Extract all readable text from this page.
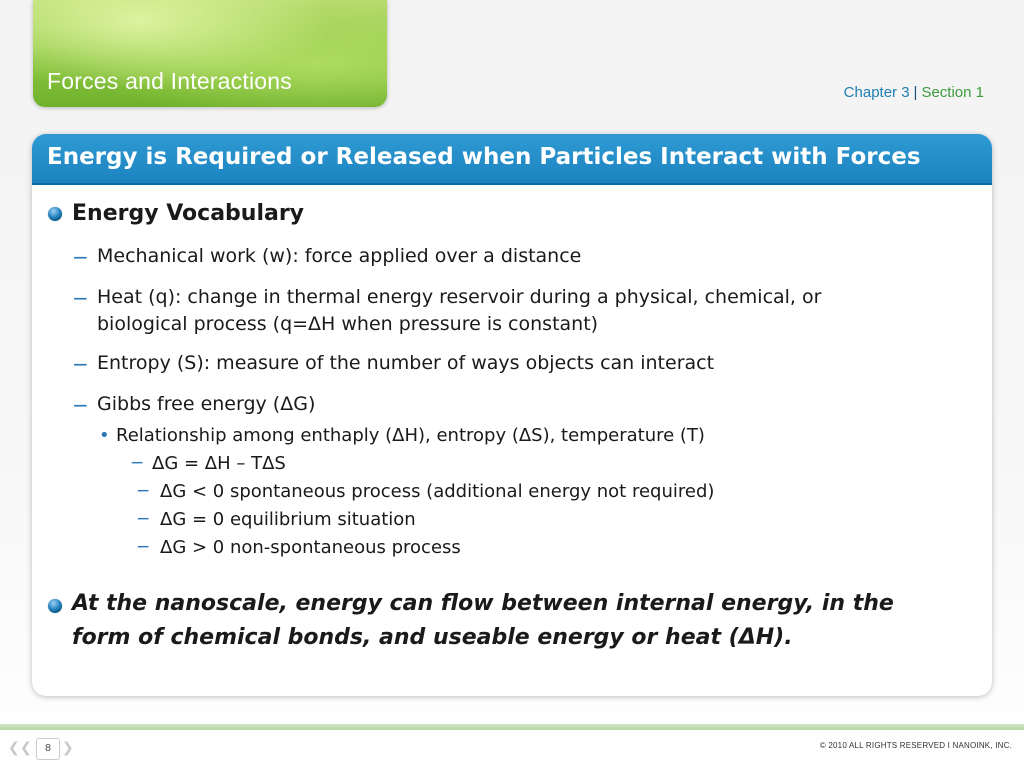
Forces and Interactions	Chapter 3 | Section 1
Energy is Required or Released when Particles Interact with Forces
Energy Vocabulary
− Mechanical work (w): force applied over a distance
− Heat (q): change in thermal energy reservoir during a physical, chemical, or
biological process (q=ΔH when pressure is constant)
− Entropy (S): measure of the number of ways objects can interact
− Gibbs free energy (ΔG)
• Relationship among enthaply (ΔH), entropy (ΔS), temperature (T)
− ΔG = ΔH – TΔS
− ΔG < 0 spontaneous process (additional energy not required)
− ΔG = 0 equilibrium situation
− ΔG > 0 non-spontaneous process
At the nanoscale, energy can flow between internal energy, in the
form of chemical bonds, and useable energy or heat (ΔH).
❮ ❮	8 ❯	© 2010 ALL RIGHTS RESERVED I NANOINK, INC.
